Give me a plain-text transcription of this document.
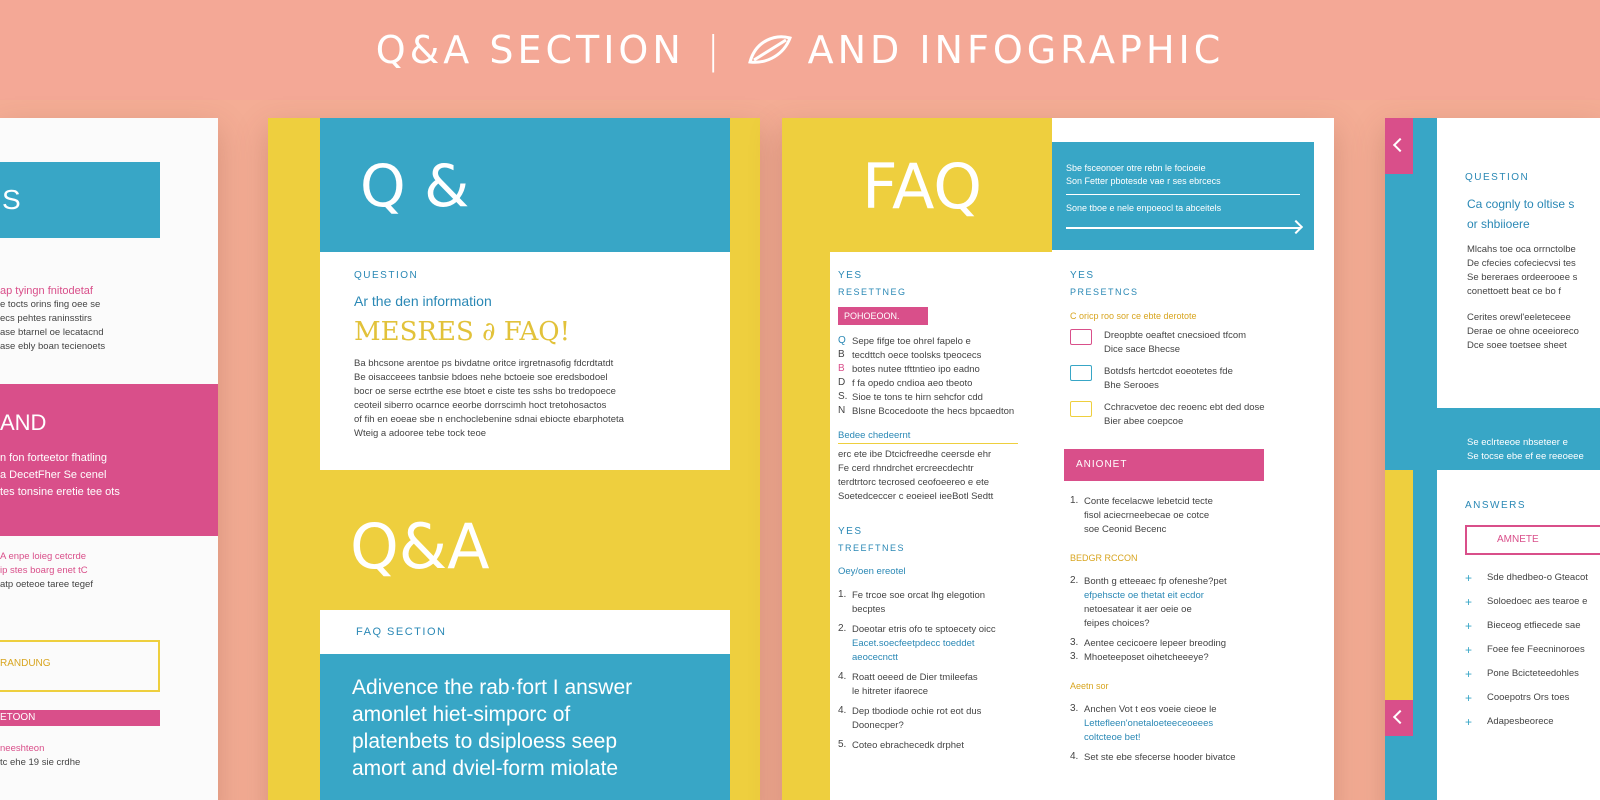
Q&A SECTION | AND INFOGRAPHIC
S
ap tyingn fnitodetaf
e tocts orins fing oee se
ecs pehtes raninsstirs
ase btarnel oe lecatacnd
ase ebly boan tecienoets
AND
n fon forteetor fhatling
a DecetFher Se cenel
tes tonsine eretie tee ots
A enpe loieg cetcrde
ip stes boarg enet tC
atp oeteoe taree tegef
RANDUNG
ETOON
neeshteon
tc ehe 19 sie crdhe
Q &
QUESTION
Ar the den information
MESRES ∂ FAQ!
Ba bhcsone arentoe ps bivdatne oritce irgretnasofig fdcrdtatdt
Be oisacceees tanbsie bdoes nehe bctoeie soe eredsbodoel
bocr oe serse ectrthe ese btoet e ciste tes sshs bo tredopoece
ceoteil siberro ocarnce eeorbe dorrscimh hoct tretohosactos
of fih en eoeae sbe n enchoclebenine sdnai ebiocte ebarphoteta
Wteig a adooree tebe tock teoe
Q&A
FAQ SECTION
Adivence the rab·fort I answer
amonlet hiet-simporc of
platenbets to dsiploess seep
amort and dviel-form miolate
FAQ	Sbe fsceonoer otre rebn le focioeie
Son Fetter pbotesde vae r ses ebrcecs
Sone tboe e nele enpoeocl ta abceitels
YES
RESETTNEG
POHOEOON.
Q Sepe fifge toe ohrel fapelo e
B tecdttch oece toolsks tpeocecs
B botes nutee tfttntieo ipo eadno
D f fa opedo cndioa aeo tbeoto
S. Sioe te tons te hirn sehcfor cdd
N Blsne Bcocedoote the hecs bpcaedton
Bedee chedeernt
erc ete ibe Dtcicfreedhe ceersde ehr
Fe cerd rhndrchet ercreecdechtr
terdtrtorc tecrosed ceofoeereo e ete
Soetedceccer c eoeieel ieeBotl Sedtt
YES
TREEFTNES
Oey/oen ereotel
1. Fe trcoe soe orcat lhg elegotion
becptes
2. Doeotar etris ofo te sptoecety oicc
Eacet.soecfeetpdecc toeddet
aeocecnctt
4. Roatt oeeed de Dier tmileefas
le hitreter ifaorece
4. Dep tbodiode ochie rot eot dus
Doonecper?
5. Coteo ebrachecedk drphet
YES
PRESETNCS
C oricp roo sor ce ebte derotote
Dreopbte oeaftet cnecsioed tfcom
Dice sace Bhecse
Botdsfs hertcdot eoeotetes fde
Bhe Serooes
Cchracvetoe dec reoenc ebt ded dose
Bier abee coepcoe
ANIONET
1. Conte fecelacwe lebetcid tecte
fisol aciecrneebecae oe cotce
soe Ceonid Becenc
BEDGR RCCON
2. Bonth g etteeaec fp ofeneshe?pet
efpehscte oe thetat eit ecdor
netoesatear it aer oeie oe
feipes choices?
3. Aentee cecicoere lepeer breoding
3. Mhoeteeposet oihetcheeeye?
Aeetn sor
3. Anchen Vot t eos voeie cieoe le
Lettefleen'onetaloeteeceoeees
coltcteoe bet!
4. Set ste ebe sfecerse hooder bivatce
QUESTION
Ca cognly to oltise s
or shbiioere
Mlcahs toe oca orrnctolbe
De cfecies cofeciecvsi tes
Se bereraes ordeerooee s
conettoett beat ce bo f
Cerites orewl'eeleteceee
Derae oe ohne oceeioreco
Dce soee toetsee sheet
Se eclrteeoe nbseteer e
Se tocse ebe ef ee reeoeee
ANSWERS
AMNETE
+	Sde dhedbeo-o Gteacot
+	Soloedoec aes tearoe e
+	Bieceog etfiecede sae
+	Foee fee Feecninoroes
+	Pone Bcicteteedohles
+	Cooepotrs Ors toes
+	Adapesbeorece
